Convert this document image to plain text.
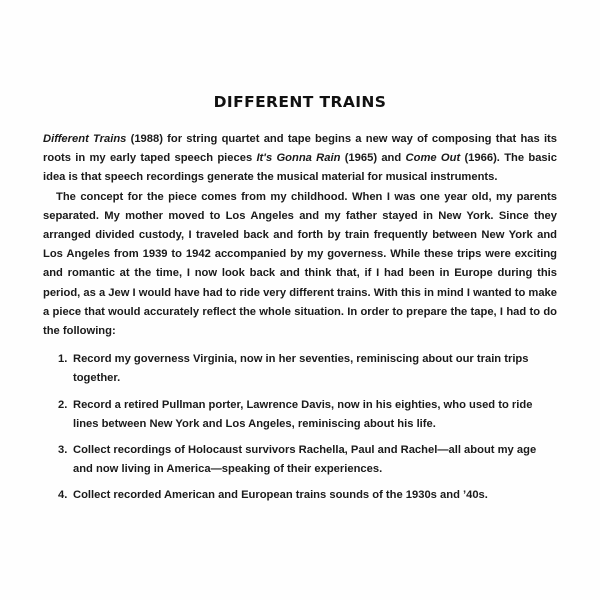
DIFFERENT TRAINS

Different Trains (1988) for string quartet and tape begins a new way of composing that has its roots in my early taped speech pieces It's Gonna Rain (1965) and Come Out (1966). The basic idea is that speech recordings generate the musical material for musical instruments.

The concept for the piece comes from my childhood. When I was one year old, my parents separated. My mother moved to Los Angeles and my father stayed in New York. Since they arranged divided custody, I traveled back and forth by train frequently between New York and Los Angeles from 1939 to 1942 accompanied by my governess. While these trips were exciting and romantic at the time, I now look back and think that, if I had been in Europe during this period, as a Jew I would have had to ride very different trains. With this in mind I wanted to make a piece that would accurately reflect the whole situation. In order to prepare the tape, I had to do the following:

1. Record my governess Virginia, now in her seventies, reminiscing about our train trips together.
2. Record a retired Pullman porter, Lawrence Davis, now in his eighties, who used to ride lines between New York and Los Angeles, reminiscing about his life.
3. Collect recordings of Holocaust survivors Rachella, Paul and Rachel—all about my age and now living in America—speaking of their experiences.
4. Collect recorded American and European trains sounds of the 1930s and ’40s.
